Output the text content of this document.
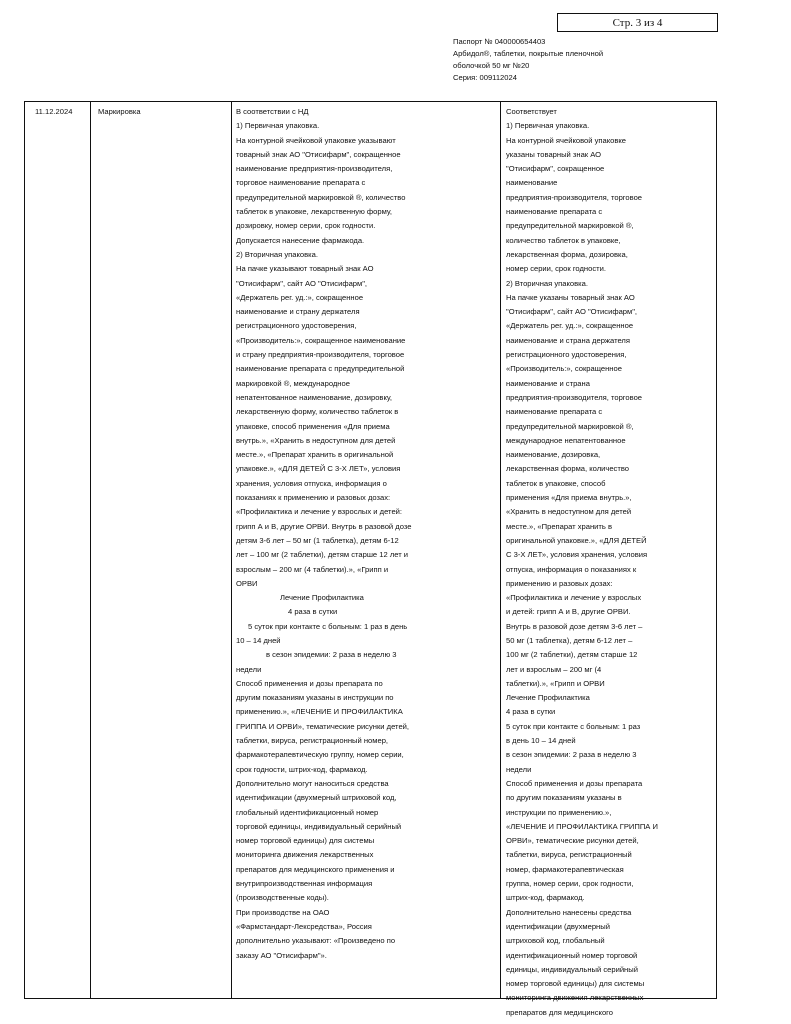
Стр. 3 из 4
Паспорт № 040000654403
Арбидол®, таблетки, покрытые пленочной
оболочкой 50 мг №20
Серия: 009112024
11.12.2024	Маркировка	В соответствии с НД
1) Первичная упаковка.
На контурной ячейковой упаковке указывают
товарный знак АО "Отисифарм", сокращенное
наименование предприятия-производителя,
торговое наименование препарата с
предупредительной маркировкой ®, количество
таблеток в упаковке, лекарственную форму,
дозировку, номер серии, срок годности.
Допускается нанесение фармакода.
2) Вторичная упаковка.
На пачке указывают товарный знак АО
"Отисифарм", сайт АО "Отисифарм",
«Держатель рег. уд.:», сокращенное
наименование и страну держателя
регистрационного удостоверения,
«Производитель:», сокращенное наименование
и страну предприятия-производителя, торговое
наименование препарата с предупредительной
маркировкой ®, международное
непатентованное наименование, дозировку,
лекарственную форму, количество таблеток в
упаковке, способ применения «Для приема
внутрь.», «Хранить в недоступном для детей
месте.», «Препарат хранить в оригинальной
упаковке.», «ДЛЯ ДЕТЕЙ С 3-Х ЛЕТ», условия
хранения, условия отпуска, информация о
показаниях к применению и разовых дозах:
«Профилактика и лечение у взрослых и детей:
грипп А и В, другие ОРВИ. Внутрь в разовой дозе
детям 3-6 лет – 50 мг (1 таблетка), детям 6-12
лет – 100 мг (2 таблетки), детям старше 12 лет и
взрослым – 200 мг (4 таблетки).», «Грипп и
ОРВИ
Лечение Профилактика
4 раза в сутки
5 суток при контакте с больным: 1 раз в день
10 – 14 дней
в сезон эпидемии: 2 раза в неделю 3
недели
Способ применения и дозы препарата по
другим показаниям указаны в инструкции по
применению.», «ЛЕЧЕНИЕ И ПРОФИЛАКТИКА
ГРИППА И ОРВИ», тематические рисунки детей,
таблетки, вируса, регистрационный номер,
фармакотерапевтическую группу, номер серии,
срок годности, штрих-код, фармакод.
Дополнительно могут наноситься средства
идентификации (двухмерный штриховой код,
глобальный идентификационный номер
торговой единицы, индивидуальный серийный
номер торговой единицы) для системы
мониторинга движения лекарственных
препаратов для медицинского применения и
внутрипроизводственная информация
(производственные коды).
При производстве на ОАО
«Фармстандарт-Лексредства», Россия
дополнительно указывают: «Произведено по
заказу АО "Отисифарм"».
Соответствует
1) Первичная упаковка.
На контурной ячейковой упаковке
указаны товарный знак АО
"Отисифарм", сокращенное
наименование
предприятия-производителя, торговое
наименование препарата с
предупредительной маркировкой ®,
количество таблеток в упаковке,
лекарственная форма, дозировка,
номер серии, срок годности.
2) Вторичная упаковка.
На пачке указаны товарный знак АО
"Отисифарм", сайт АО "Отисифарм",
«Держатель рег. уд.:», сокращенное
наименование и страна держателя
регистрационного удостоверения,
«Производитель:», сокращенное
наименование и страна
предприятия-производителя, торговое
наименование препарата с
предупредительной маркировкой ®,
международное непатентованное
наименование, дозировка,
лекарственная форма, количество
таблеток в упаковке, способ
применения «Для приема внутрь.»,
«Хранить в недоступном для детей
месте.», «Препарат хранить в
оригинальной упаковке.», «ДЛЯ ДЕТЕЙ
С 3-Х ЛЕТ», условия хранения, условия
отпуска, информация о показаниях к
применению и разовых дозах:
«Профилактика и лечение у взрослых
и детей: грипп А и В, другие ОРВИ.
Внутрь в разовой дозе детям 3-6 лет –
50 мг (1 таблетка), детям 6-12 лет –
100 мг (2 таблетки), детям старше 12
лет и взрослым – 200 мг (4
таблетки).», «Грипп и ОРВИ
Лечение Профилактика
4 раза в сутки
5 суток при контакте с больным: 1 раз
в день 10 – 14 дней
в сезон эпидемии: 2 раза в неделю 3
недели
Способ применения и дозы препарата
по другим показаниям указаны в
инструкции по применению.»,
«ЛЕЧЕНИЕ И ПРОФИЛАКТИКА ГРИППА И
ОРВИ», тематические рисунки детей,
таблетки, вируса, регистрационный
номер, фармакотерапевтическая
группа, номер серии, срок годности,
штрих-код, фармакод.
Дополнительно нанесены средства
идентификации (двухмерный
штриховой код, глобальный
идентификационный номер торговой
единицы, индивидуальный серийный
номер торговой единицы) для системы
мониторинга движения лекарственных
препаратов для медицинского
